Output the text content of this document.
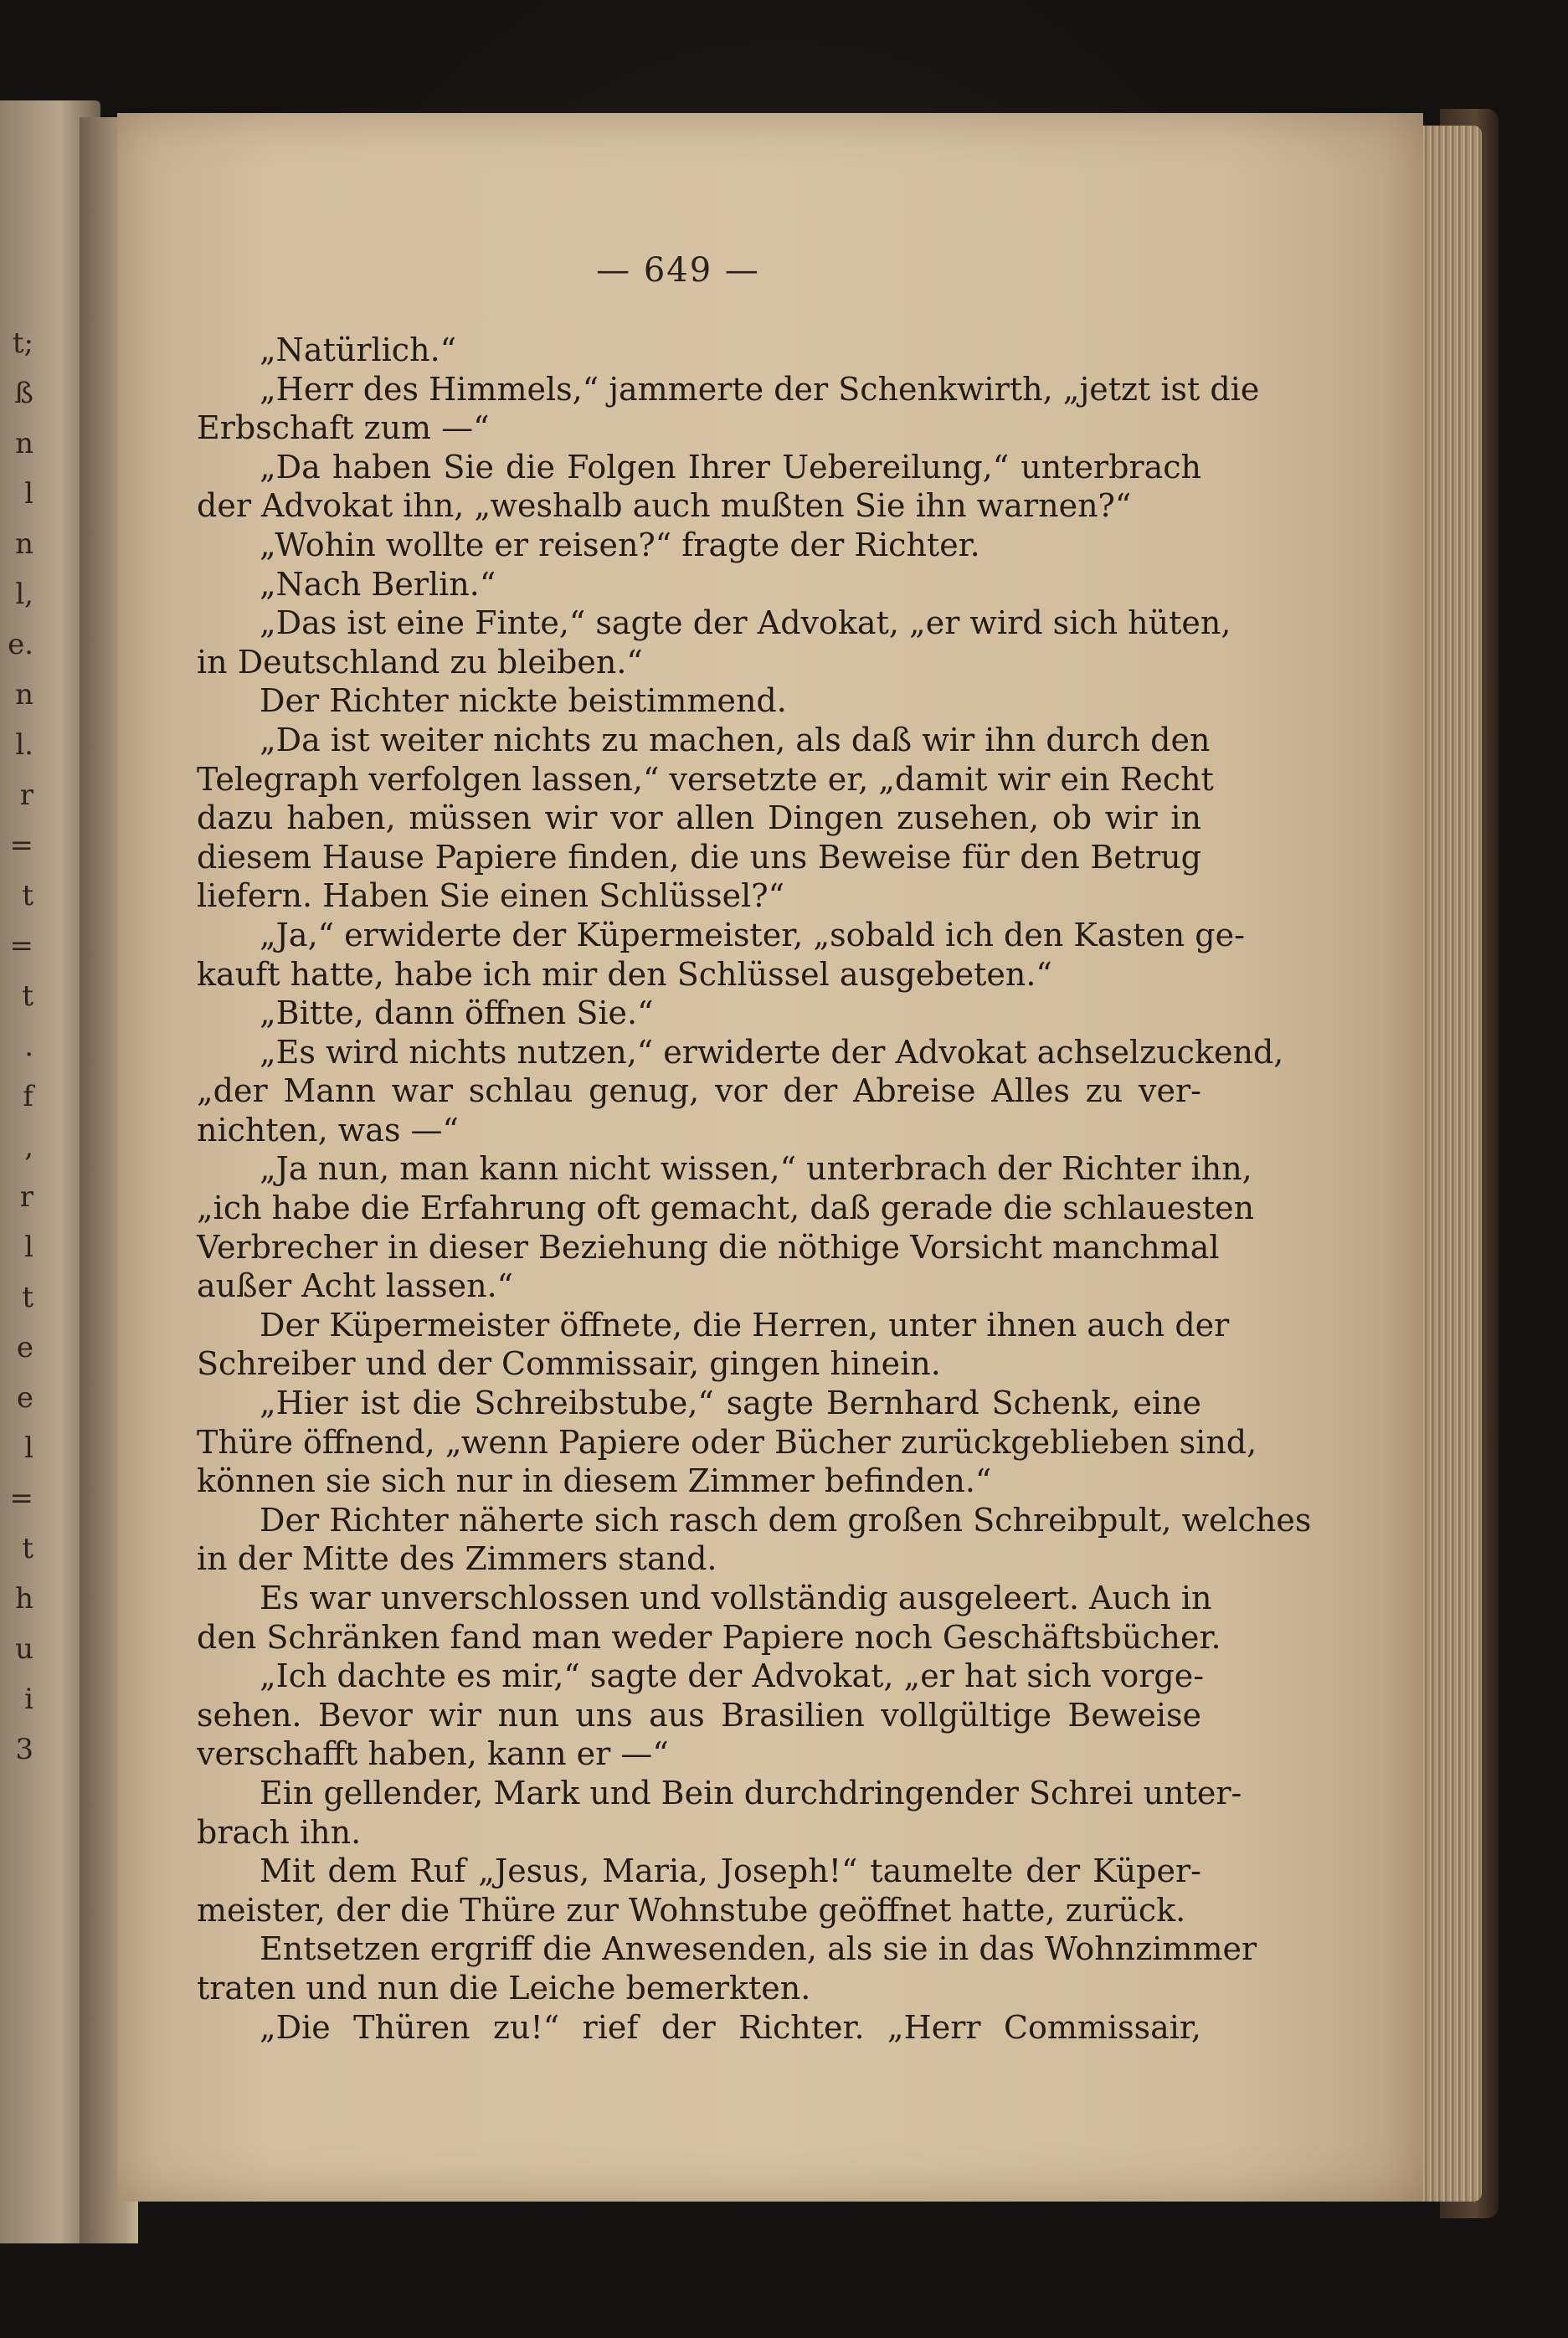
t;
ß
n
l
n
l,
e.
n
l.
r
=
t
=
t
.
f
,
r
l
t
e
e
l
=
t
h
u
i
3
— 649 —
„Natürlich.“
„Herr des Himmels,“ jammerte der Schenkwirth, „jetzt ist die
Erbschaft zum —“
„Da haben Sie die Folgen Ihrer Uebereilung,“ unterbrach
der Advokat ihn, „weshalb auch mußten Sie ihn warnen?“
„Wohin wollte er reisen?“ fragte der Richter.
„Nach Berlin.“
„Das ist eine Finte,“ sagte der Advokat, „er wird sich hüten,
in Deutschland zu bleiben.“
Der Richter nickte beistimmend.
„Da ist weiter nichts zu machen, als daß wir ihn durch den
Telegraph verfolgen lassen,“ versetzte er, „damit wir ein Recht
dazu haben, müssen wir vor allen Dingen zusehen, ob wir in
diesem Hause Papiere finden, die uns Beweise für den Betrug
liefern. Haben Sie einen Schlüssel?“
„Ja,“ erwiderte der Küpermeister, „sobald ich den Kasten ge-
kauft hatte, habe ich mir den Schlüssel ausgebeten.“
„Bitte, dann öffnen Sie.“
„Es wird nichts nutzen,“ erwiderte der Advokat achselzuckend,
„der Mann war schlau genug, vor der Abreise Alles zu ver-
nichten, was —“
„Ja nun, man kann nicht wissen,“ unterbrach der Richter ihn,
„ich habe die Erfahrung oft gemacht, daß gerade die schlauesten
Verbrecher in dieser Beziehung die nöthige Vorsicht manchmal
außer Acht lassen.“
Der Küpermeister öffnete, die Herren, unter ihnen auch der
Schreiber und der Commissair, gingen hinein.
„Hier ist die Schreibstube,“ sagte Bernhard Schenk, eine
Thüre öffnend, „wenn Papiere oder Bücher zurückgeblieben sind,
können sie sich nur in diesem Zimmer befinden.“
Der Richter näherte sich rasch dem großen Schreibpult, welches
in der Mitte des Zimmers stand.
Es war unverschlossen und vollständig ausgeleert. Auch in
den Schränken fand man weder Papiere noch Geschäftsbücher.
„Ich dachte es mir,“ sagte der Advokat, „er hat sich vorge-
sehen. Bevor wir nun uns aus Brasilien vollgültige Beweise
verschafft haben, kann er —“
Ein gellender, Mark und Bein durchdringender Schrei unter-
brach ihn.
Mit dem Ruf „Jesus, Maria, Joseph!“ taumelte der Küper-
meister, der die Thüre zur Wohnstube geöffnet hatte, zurück.
Entsetzen ergriff die Anwesenden, als sie in das Wohnzimmer
traten und nun die Leiche bemerkten.
„Die Thüren zu!“ rief der Richter. „Herr Commissair,
